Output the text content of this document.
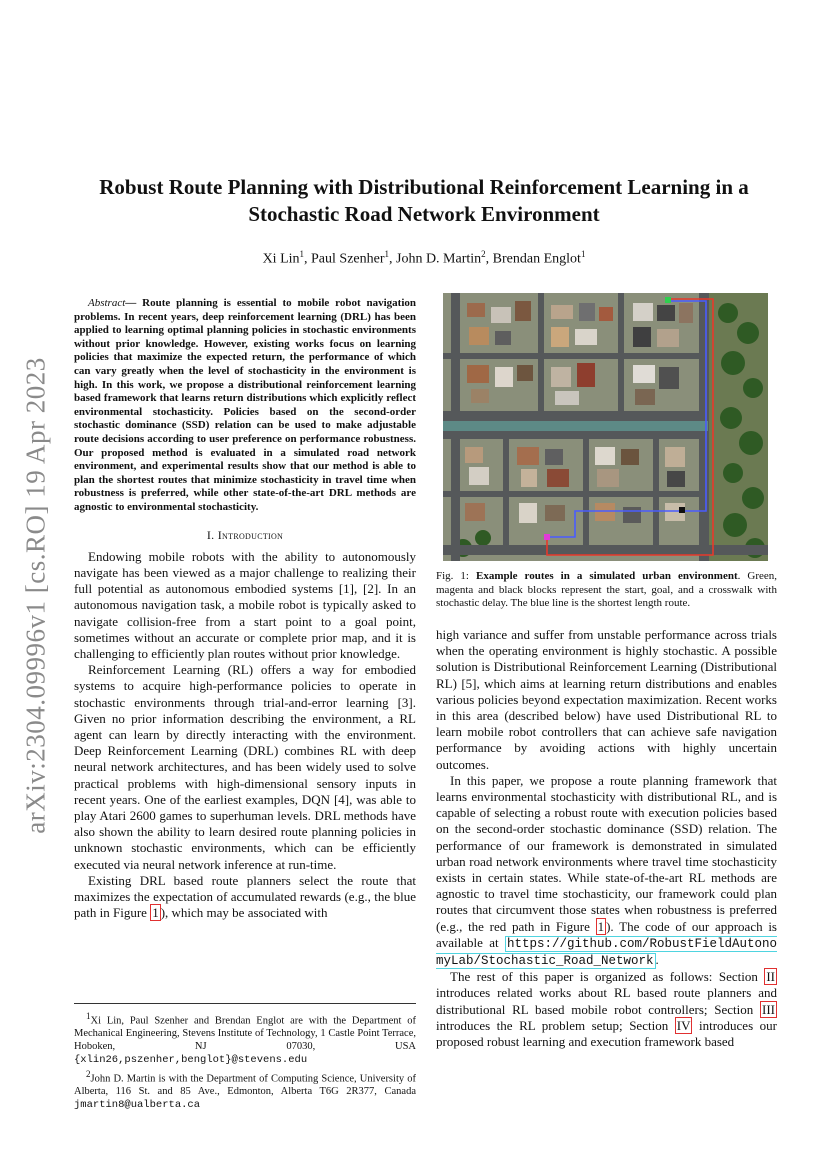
arXiv:2304.09996v1 [cs.RO] 19 Apr 2023
Robust Route Planning with Distributional Reinforcement Learning in a Stochastic Road Network Environment
Xi Lin$^1$, Paul Szenher$^1$, John D. Martin$^2$, Brendan Englot$^1$

Abstract— Route planning is essential to mobile robot navigation problems. In recent years, deep reinforcement learning (DRL) has been applied to learning optimal planning policies in stochastic environments without prior knowledge. However, existing works focus on learning policies that maximize the expected return, the performance of which can vary greatly when the level of stochasticity in the environment is high. In this work, we propose a distributional reinforcement learning based framework that learns return distributions which explicitly reflect environmental stochasticity. Policies based on the second-order stochastic dominance (SSD) relation can be used to make adjustable route decisions according to user preference on performance robustness. Our proposed method is evaluated in a simulated road network environment, and experimental results show that our method is able to plan the shortest routes that minimize stochasticity in travel time when robustness is preferred, while other state-of-the-art DRL methods are agnostic to environmental stochasticity.

I. Introduction

Endowing mobile robots with the ability to autonomously navigate has been viewed as a major challenge to realizing their full potential as autonomous embodied systems [1], [2]. In an autonomous navigation task, a mobile robot is typically asked to navigate collision-free from a start point to a goal point, sometimes without an accurate or complete prior map, and it is challenging to efficiently plan routes without prior knowledge.

Reinforcement Learning (RL) offers a way for embodied systems to acquire high-performance policies to operate in stochastic environments through trial-and-error learning [3]. Given no prior information describing the environment, a RL agent can learn by directly interacting with the environment. Deep Reinforcement Learning (DRL) combines RL with deep neural network architectures, and has been widely used to solve practical problems with high-dimensional sensory inputs in recent years. One of the earliest examples, DQN [4], was able to play Atari 2600 games to superhuman levels. DRL methods have also shown the ability to learn desired route planning policies in unknown stochastic environments, which can be efficiently executed via neural network inference at run-time.

Existing DRL based route planners select the route that maximizes the expectation of accumulated rewards (e.g., the blue path in Figure 1 ), which may be associated with

$^1$Xi Lin, Paul Szenher and Brendan Englot are with the Department of Mechanical Engineering, Stevens Institute of Technology, 1 Castle Point Terrace, Hoboken, NJ 07030, USA {xlin26,pszenher,benglot}@stevens.edu

$^2$John D. Martin is with the Department of Computing Science, University of Alberta, 116 St. and 85 Ave., Edmonton, Alberta T6G 2R377, Canada jmartin8@ualberta.ca

Fig. 1: Example routes in a simulated urban environment. Green, magenta and black blocks represent the start, goal, and a crosswalk with stochastic delay. The blue line is the shortest length route.

high variance and suffer from unstable performance across trials when the operating environment is highly stochastic. A possible solution is Distributional Reinforcement Learning (Distributional RL) [5], which aims at learning return distributions and enables various policies beyond expectation maximization. Recent works in this area (described below) have used Distributional RL to learn mobile robot controllers that can achieve safe navigation performance by avoiding actions with highly uncertain outcomes.

In this paper, we propose a route planning framework that learns environmental stochasticity with distributional RL, and is capable of selecting a robust route with execution policies based on the second-order stochastic dominance (SSD) relation. The performance of our framework is demonstrated in simulated urban road network environments where travel time stochasticity exists in certain states. While state-of-the-art RL methods are agnostic to travel time stochasticity, our framework could plan routes that circumvent those states when robustness is preferred (e.g., the red path in Figure 1 ). The code of our approach is available at https://github.com/RobustFieldAutonomyLab/Stochastic_Road_Network .

The rest of this paper is organized as follows: Section II introduces related works about RL based route planners and distributional RL based mobile robot controllers; Section III introduces the RL problem setup; Section IV introduces our proposed robust learning and execution framework based
